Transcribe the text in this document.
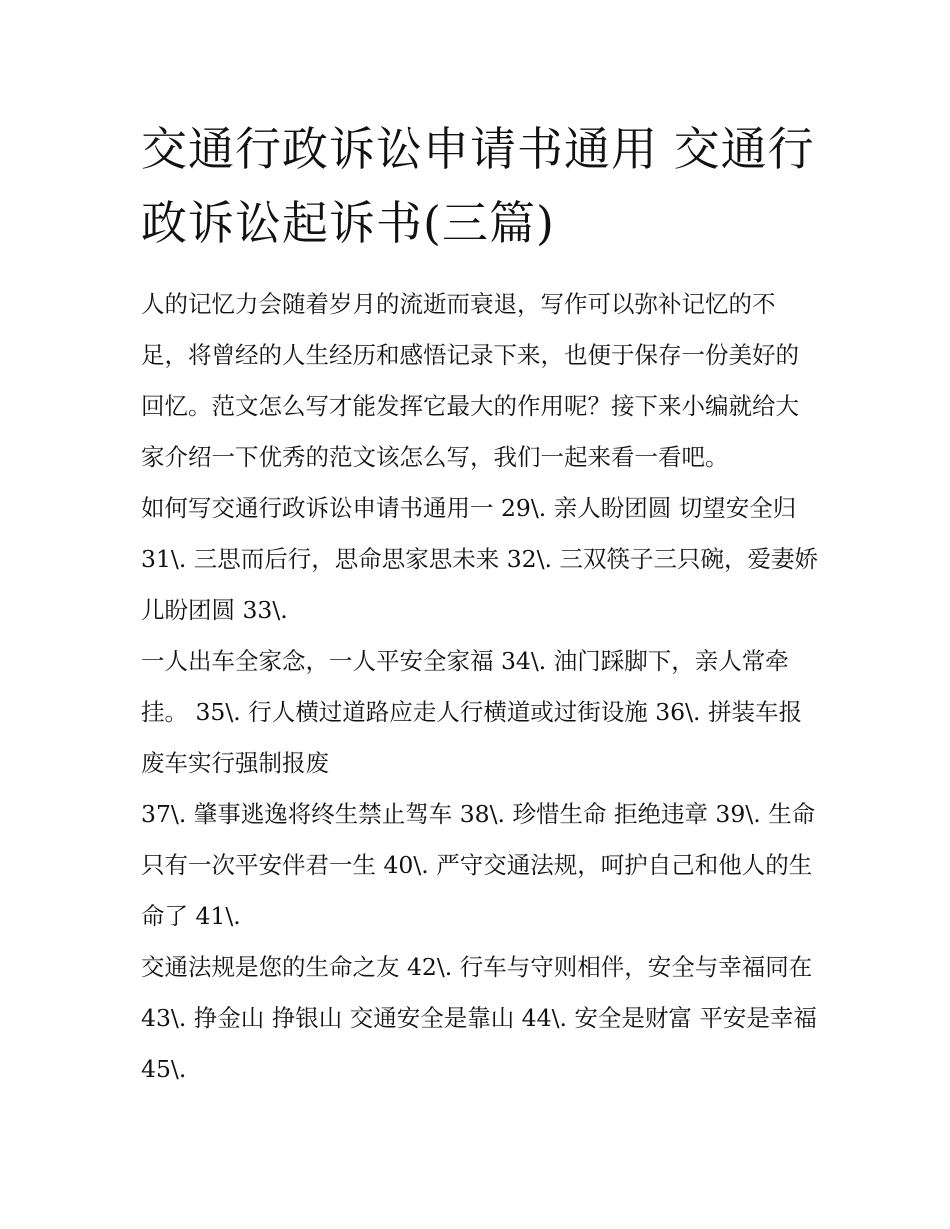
交通行政诉讼申请书通用 交通行政诉讼起诉书(三篇)

人的记忆力会随着岁月的流逝而衰退，写作可以弥补记忆的不足，将曾经的人生经历和感悟记录下来，也便于保存一份美好的回忆。范文怎么写才能发挥它最大的作用呢？接下来小编就给大家介绍一下优秀的范文该怎么写，我们一起来看一看吧。

如何写交通行政诉讼申请书通用一 29\. 亲人盼团圆 切望安全归 31\. 三思而后行，思命思家思未来 32\. 三双筷子三只碗，爱妻娇儿盼团圆 33\.

一人出车全家念，一人平安全家福 34\. 油门踩脚下，亲人常牵挂。 35\. 行人横过道路应走人行横道或过街设施 36\. 拼装车报废车实行强制报废

37\. 肇事逃逸将终生禁止驾车 38\. 珍惜生命 拒绝违章 39\. 生命只有一次平安伴君一生 40\. 严守交通法规，呵护自己和他人的生命了 41\.

交通法规是您的生命之友 42\. 行车与守则相伴，安全与幸福同在 43\. 挣金山 挣银山 交通安全是靠山 44\. 安全是财富 平安是幸福 45\.
